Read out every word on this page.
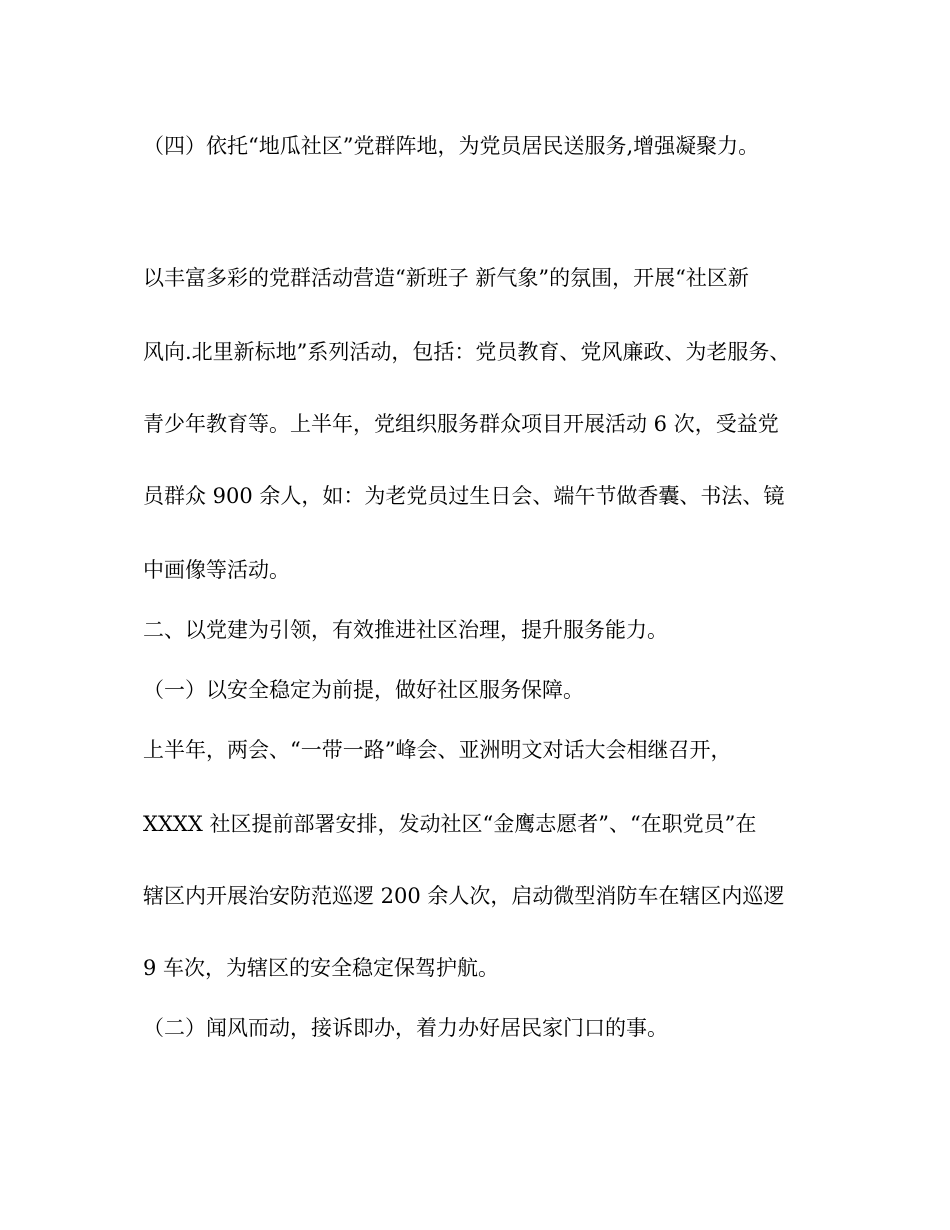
（四）依托“地瓜社区”党群阵地，为党员居民送服务,增强凝聚力。

以丰富多彩的党群活动营造“新班子 新气象”的氛围，开展“社区新

风向.北里新标地”系列活动，包括：党员教育、党风廉政、为老服务、

青少年教育等。上半年，党组织服务群众项目开展活动 6 次，受益党

员群众 900 余人，如：为老党员过生日会、端午节做香囊、书法、镜

中画像等活动。

二、以党建为引领，有效推进社区治理，提升服务能力。

（一）以安全稳定为前提，做好社区服务保障。

上半年，两会、“一带一路”峰会、亚洲明文对话大会相继召开，

XXXX 社区提前部署安排，发动社区“金鹰志愿者”、“在职党员”在

辖区内开展治安防范巡逻 200 余人次，启动微型消防车在辖区内巡逻

9 车次，为辖区的安全稳定保驾护航。

（二）闻风而动，接诉即办，着力办好居民家门口的事。
